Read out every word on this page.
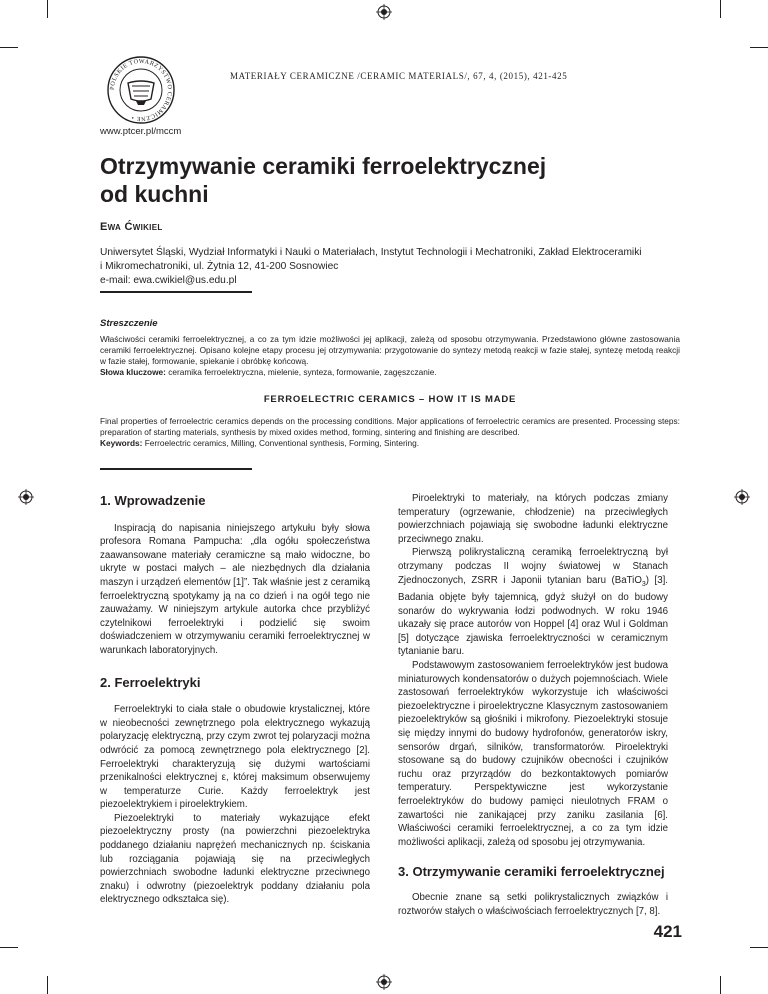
POLSKIE TOWARZYSTWO CERAMICZNE •
MATERIAŁY CERAMICZNE /CERAMIC MATERIALS/, 67, 4, (2015), 421-425
www.ptcer.pl/mccm
Otrzymywanie ceramiki ferroelektrycznej
od kuchni
Ewa Ćwikiel
Uniwersytet Śląski, Wydział Informatyki i Nauki o Materiałach, Instytut Technologii i Mechatroniki, Zakład Elektroceramiki
i Mikromechatroniki, ul. Żytnia 12, 41-200 Sosnowiec
e-mail: ewa.cwikiel@us.edu.pl
Streszczenie

Właściwości ceramiki ferroelektrycznej, a co za tym idzie możliwości jej aplikacji, zależą od sposobu otrzymywania. Przedstawiono główne zastosowania ceramiki ferroelektrycznej. Opisano kolejne etapy procesu jej otrzymywania: przygotowanie do syntezy metodą reakcji w fazie stałej, syntezę metodą reakcji w fazie stałej, formowanie, spiekanie i obróbkę końcową.

Słowa kluczowe: ceramika ferroelektryczna, mielenie, synteza, formowanie, zagęszczanie.

FERROELECTRIC CERAMICS – HOW IT IS MADE

Final properties of ferroelectric ceramics depends on the processing conditions. Major applications of ferroelectric ceramics are presented. Processing steps: preparation of starting materials, synthesis by mixed oxides method, forming, sintering and finishing are described.

Keywords: Ferroelectric ceramics, Milling, Conventional synthesis, Forming, Sintering.

1. Wprowadzenie

Inspiracją do napisania niniejszego artykułu były słowa profesora Romana Pampucha: „dla ogółu społeczeństwa zaawansowane materiały ceramiczne są mało widoczne, bo ukryte w postaci małych – ale niezbędnych dla działania maszyn i urządzeń elementów [1]”. Tak właśnie jest z ceramiką ferroelektryczną spotykamy ją na co dzień i na ogół tego nie zauważamy. W niniejszym artykule autorka chce przybliżyć czytelnikowi ferroelektryki i podzielić się swoim doświadczeniem w otrzymywaniu ceramiki ferroelektrycznej w warunkach laboratoryjnych.

2. Ferroelektryki

Ferroelektryki to ciała stałe o obudowie krystalicznej, które w nieobecności zewnętrznego pola elektrycznego wykazują polaryzację elektryczną, przy czym zwrot tej polaryzacji można odwrócić za pomocą zewnętrznego pola elektrycznego [2]. Ferroelektryki charakteryzują się dużymi wartościami przenikalności elektrycznej ε, której maksimum obserwujemy w temperaturze Curie. Każdy ferroelektryk jest piezoelektrykiem i piroelektrykiem.

Piezoelektryki to materiały wykazujące efekt piezoelektryczny prosty (na powierzchni piezoelektryka poddanego działaniu naprężeń mechanicznych np. ściskania lub rozciągania pojawiają się na przeciwległych powierzchniach swobodne ładunki elektryczne przeciwnego znaku) i odwrotny (piezoelektryk poddany działaniu pola elektrycznego odkształca się).

Piroelektryki to materiały, na których podczas zmiany temperatury (ogrzewanie, chłodzenie) na przeciwległych powierzchniach pojawiają się swobodne ładunki elektryczne przeciwnego znaku.

Pierwszą polikrystaliczną ceramiką ferroelektryczną był otrzymany podczas II wojny światowej w Stanach Zjednoczonych, ZSRR i Japonii tytanian baru (BaTiO$_3$) [3]. Badania objęte były tajemnicą, gdyż służył on do budowy sonarów do wykrywania łodzi podwodnych. W roku 1946 ukazały się prace autorów von Hoppel [4] oraz Wul i Goldman [5] dotyczące zjawiska ferroelektryczności w ceramicznym tytanianie baru.

Podstawowym zastosowaniem ferroelektryków jest budowa miniaturowych kondensatorów o dużych pojemnościach. Wiele zastosowań ferroelektryków wykorzystuje ich właściwości piezoelektryczne i piroelektryczne Klasycznym zastosowaniem piezoelektryków są głośniki i mikrofony. Piezoelektryki stosuje się między innymi do budowy hydrofonów, generatorów iskry, sensorów drgań, silników, transformatorów. Piroelektryki stosowane są do budowy czujników obecności i czujników ruchu oraz przyrządów do bezkontaktowych pomiarów temperatury. Perspektywiczne jest wykorzystanie ferroelektryków do budowy pamięci nieulotnych FRAM o zawartości nie zanikającej przy zaniku zasilania [6]. Właściwości ceramiki ferroelektrycznej, a co za tym idzie możliwości aplikacji, zależą od sposobu jej otrzymywania.

3. Otrzymywanie ceramiki ferroelektrycznej

Obecnie znane są setki polikrystalicznych związków i roztworów stałych o właściwościach ferroelektrycznych [7, 8].

421
